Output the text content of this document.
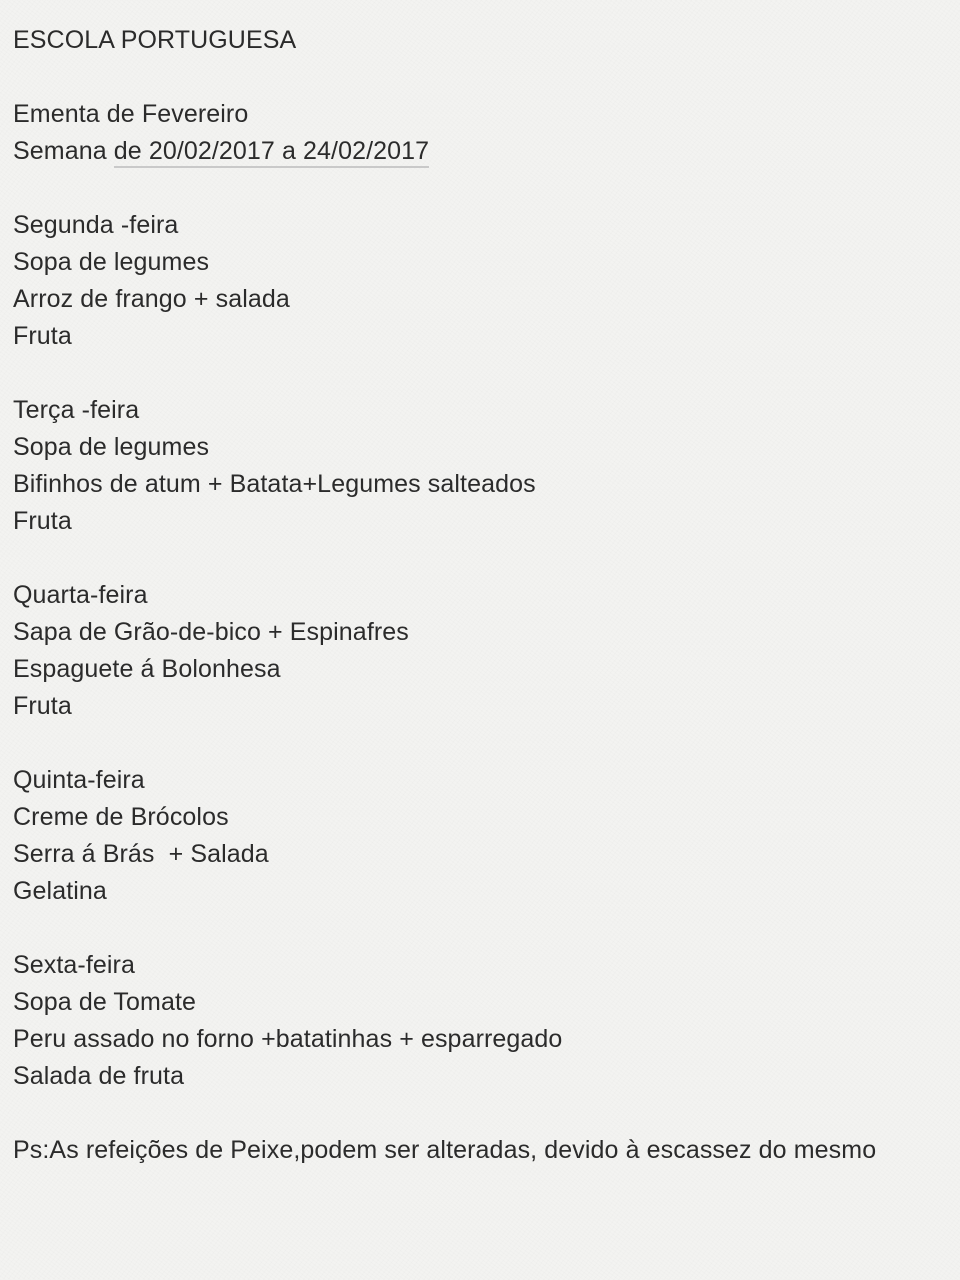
ESCOLA PORTUGUESA
Ementa de Fevereiro
Semana de 20/02/2017 a 24/02/2017
Segunda -feira
Sopa de legumes
Arroz de frango + salada
Fruta
Terça -feira
Sopa de legumes
Bifinhos de atum + Batata+Legumes salteados
Fruta
Quarta-feira
Sapa de Grão-de-bico + Espinafres
Espaguete á Bolonhesa
Fruta
Quinta-feira
Creme de Brócolos
Serra á Brás  + Salada
Gelatina
Sexta-feira
Sopa de Tomate
Peru assado no forno +batatinhas + esparregado
Salada de fruta
Ps:As refeições de Peixe,podem ser alteradas, devido à escassez do mesmo
